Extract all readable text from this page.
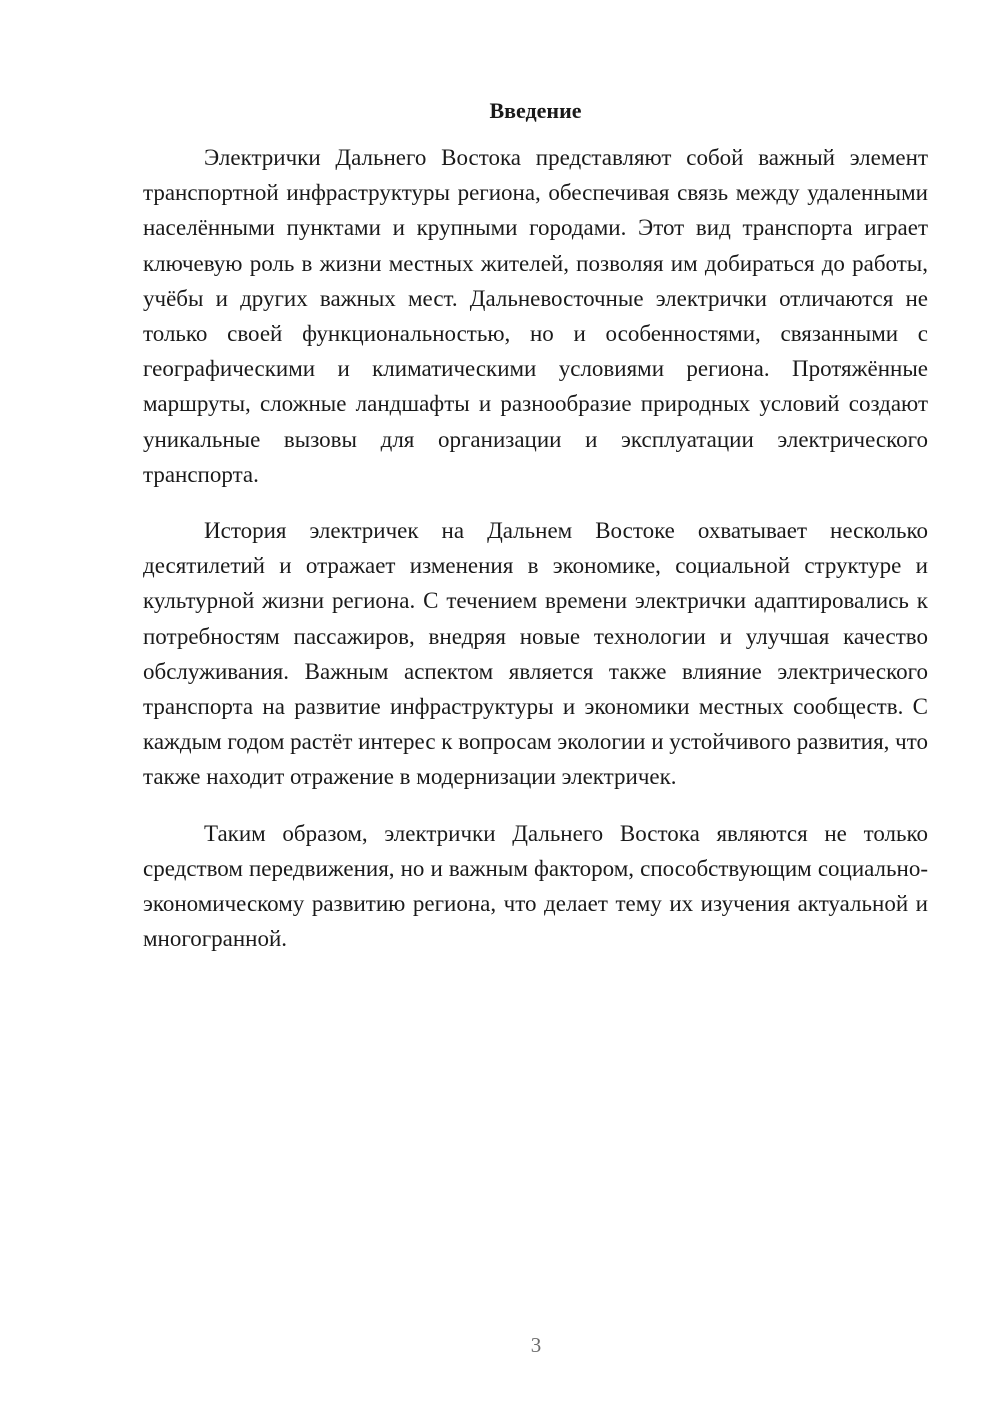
Введение

Электрички Дальнего Востока представляют собой важный элемент транспортной инфраструктуры региона, обеспечивая связь между удаленными населёнными пунктами и крупными городами. Этот вид транспорта играет ключевую роль в жизни местных жителей, позволяя им добираться до работы, учёбы и других важных мест. Дальневосточные электрички отличаются не только своей функциональностью, но и особенностями, связанными с географическими и климатическими условиями региона. Протяжённые маршруты, сложные ландшафты и разнообразие природных условий создают уникальные вызовы для организации и эксплуатации электрического транспорта.

История электричек на Дальнем Востоке охватывает несколько десятилетий и отражает изменения в экономике, социальной структуре и культурной жизни региона. С течением времени электрички адаптировались к потребностям пассажиров, внедряя новые технологии и улучшая качество обслуживания. Важным аспектом является также влияние электрического транспорта на развитие инфраструктуры и экономики местных сообществ. С каждым годом растёт интерес к вопросам экологии и устойчивого развития, что также находит отражение в модернизации электричек.

Таким образом, электрички Дальнего Востока являются не только средством передвижения, но и важным фактором, способствующим социально-экономическому развитию региона, что делает тему их изучения актуальной и многогранной.

3
